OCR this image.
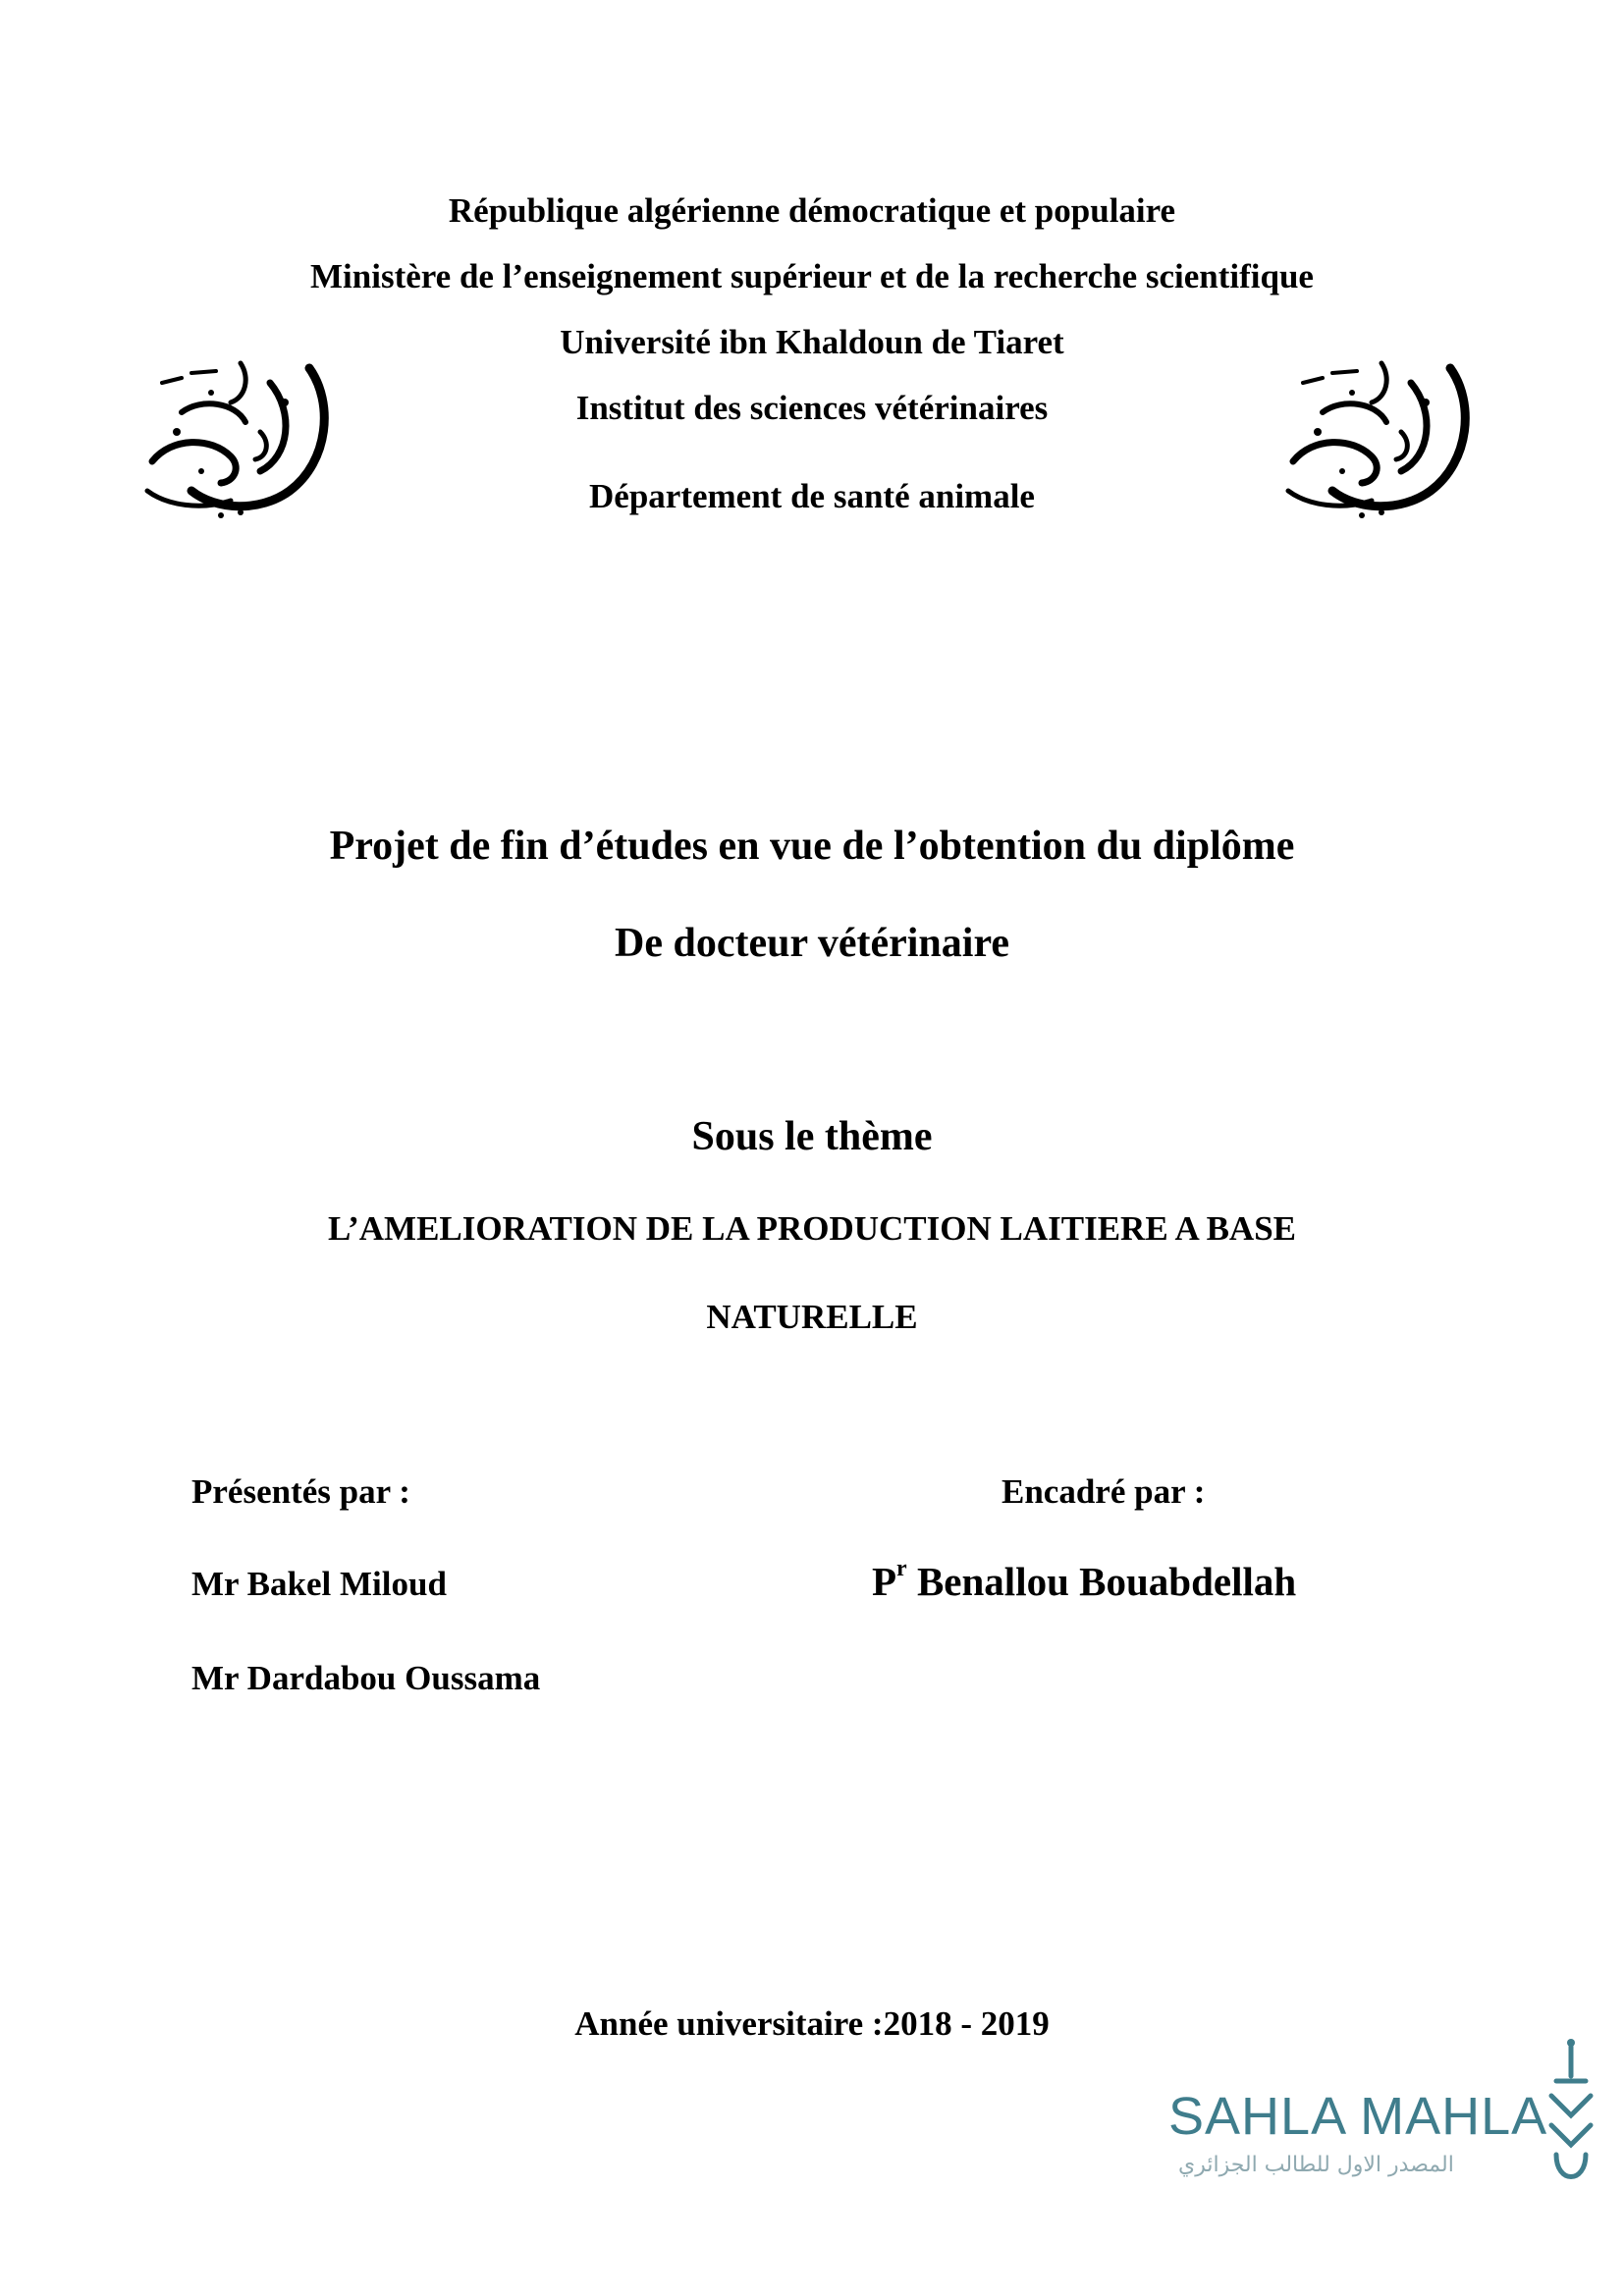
République algérienne démocratique et populaire
Ministère de l’enseignement supérieur et de la recherche scientifique
Université ibn Khaldoun de Tiaret
Institut des sciences vétérinaires
Département de santé animale
Projet de fin d’études en vue de l’obtention du diplôme
De docteur vétérinaire
Sous le thème
L’AMELIORATION DE LA PRODUCTION LAITIERE A BASE
NATURELLE
Présentés par :
Mr Bakel Miloud
Mr Dardabou Oussama
Encadré par :
$P^r$ Benallou Bouabdellah
Année universitaire :2018 - 2019
SAHLA MAHLA
المصدر الاول للطالب الجزائري
